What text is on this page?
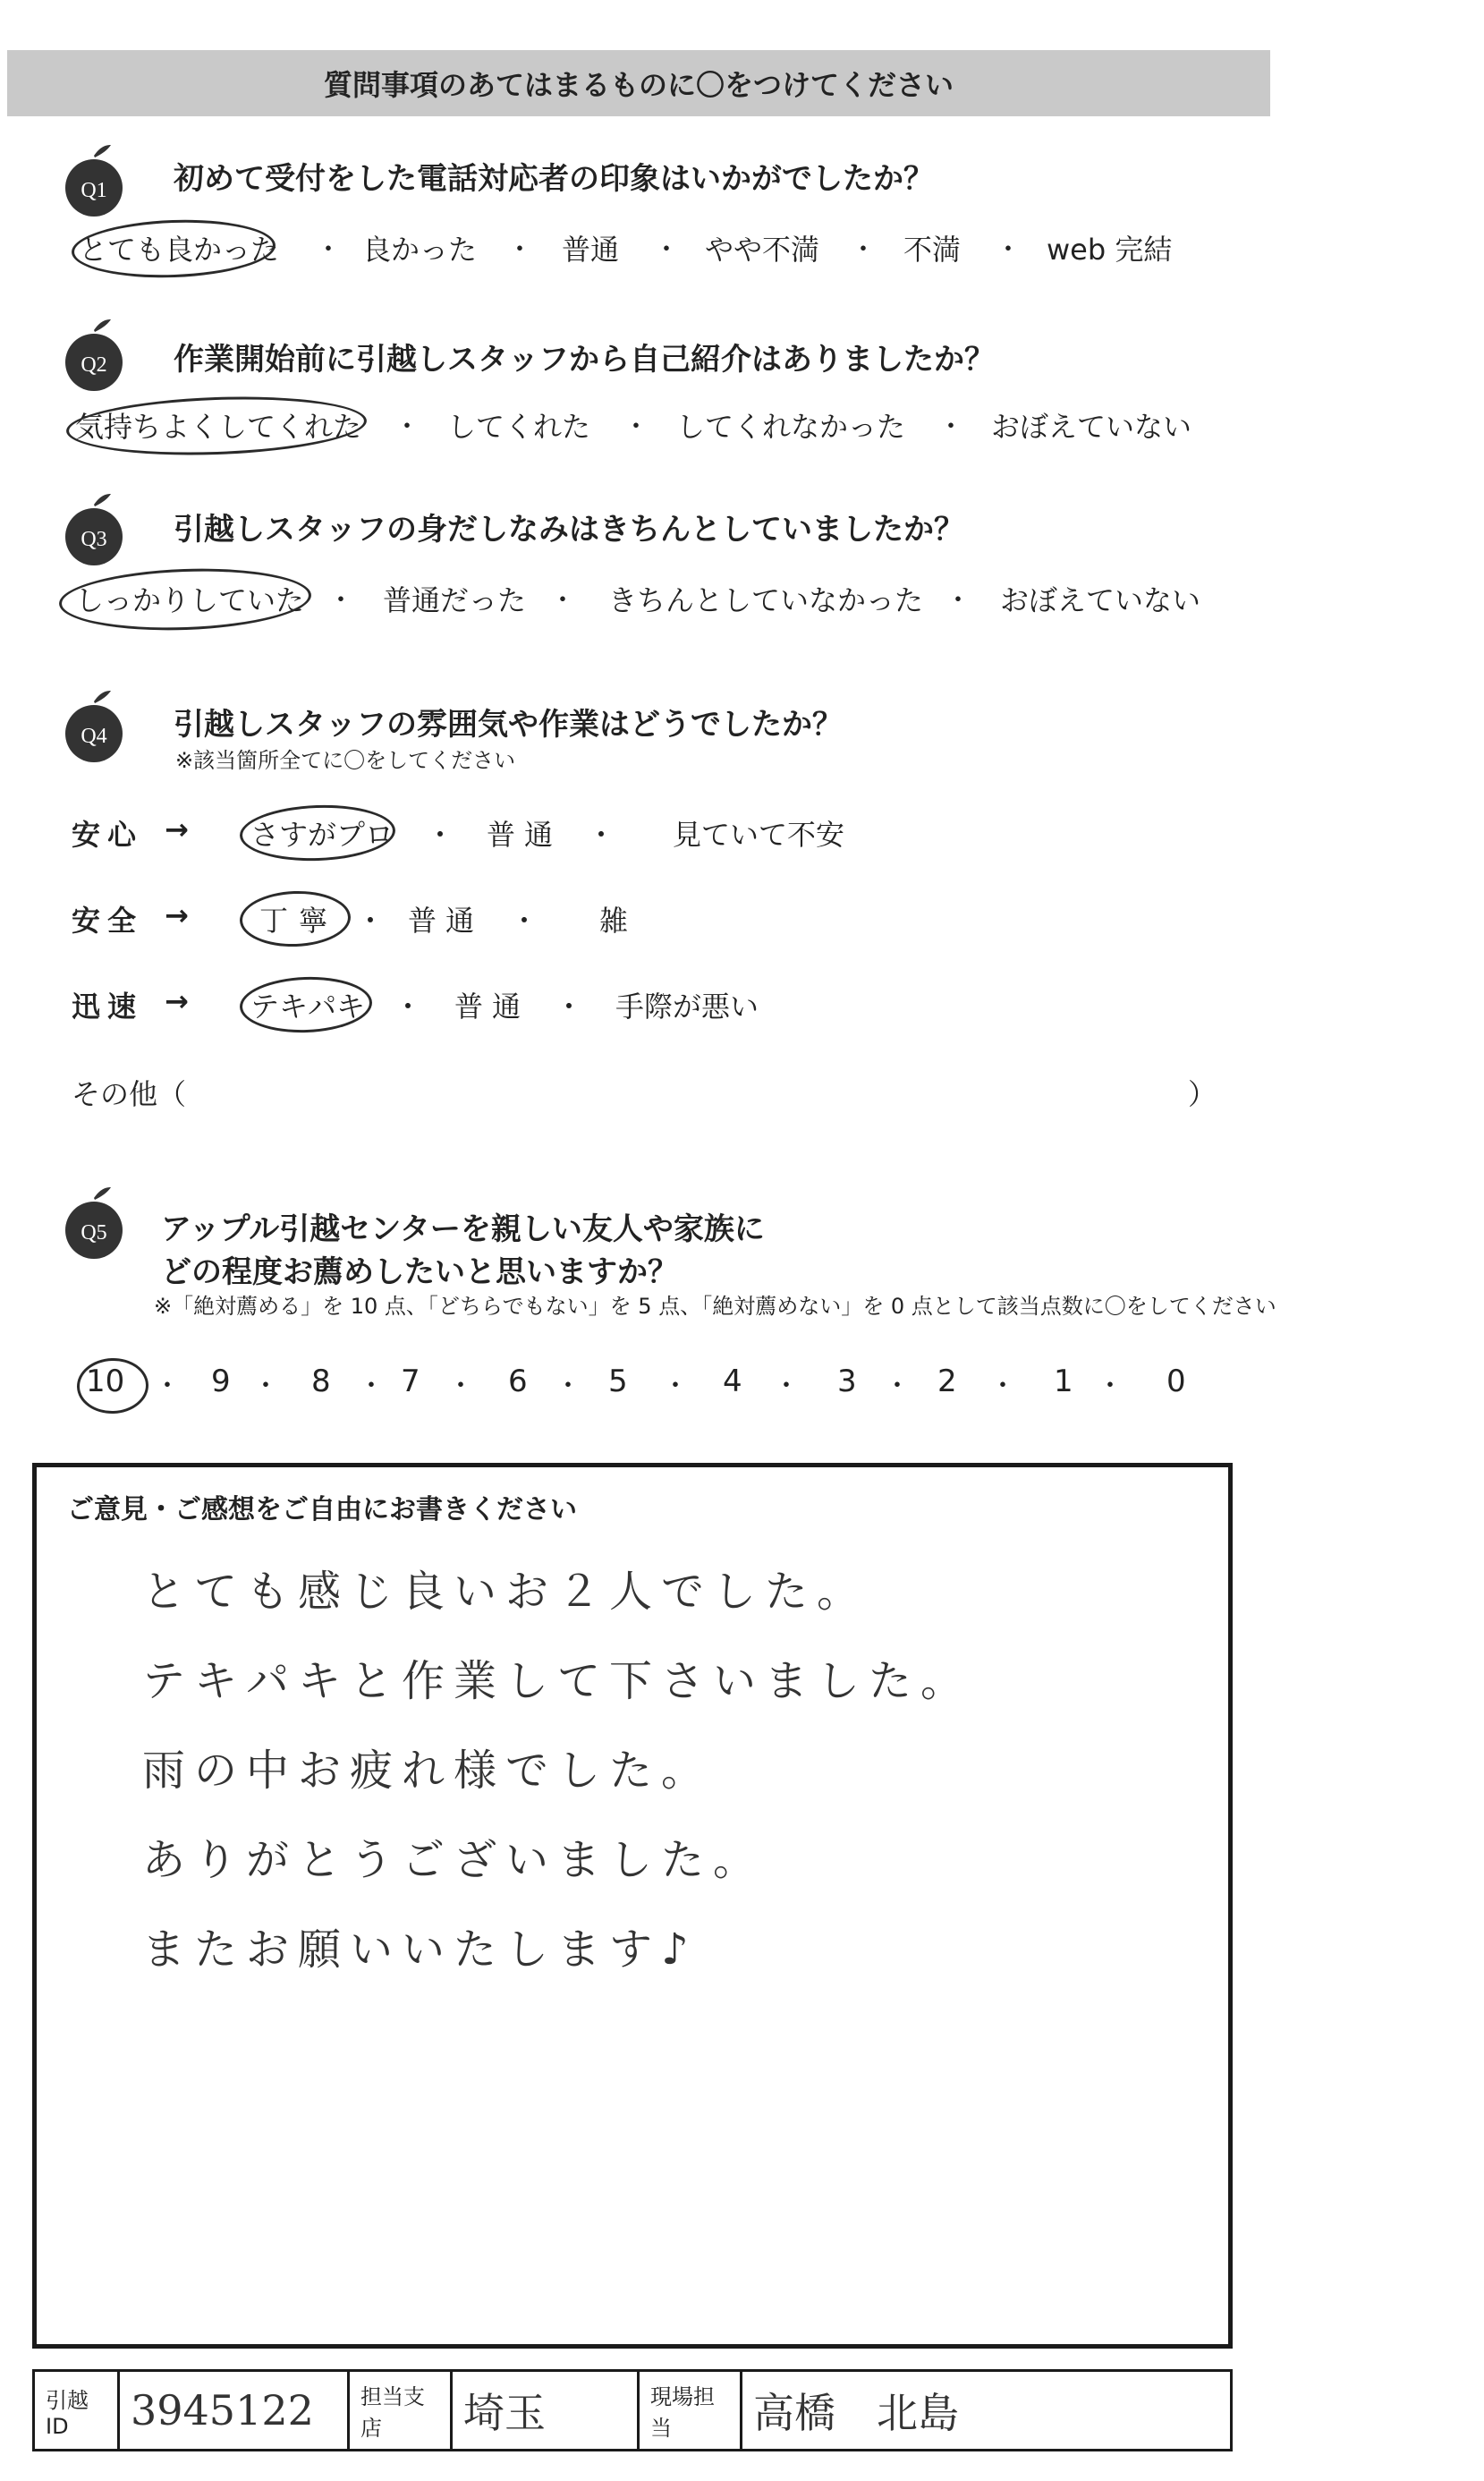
質問事項のあてはまるものに〇をつけてください
Q1 初めて受付をした電話対応者の印象はいかがでしたか？
とても良かった ・ 良かった ・ 普通 ・ やや不満 ・ 不満 ・ web 完結
Q2 作業開始前に引越しスタッフから自己紹介はありましたか？
気持ちよくしてくれた ・ してくれた ・ してくれなかった ・ おぼえていない
Q3 引越しスタッフの身だしなみはきちんとしていましたか？
しっかりしていた ・ 普通だった ・ きちんとしていなかった ・ おぼえていない
Q4 引越しスタッフの雰囲気や作業はどうでしたか？
※該当箇所全てに〇をしてください
安心 → さすがプロ ・ 普通 ・ 見ていて不安
安全 → 丁寧 ・ 普通 ・ 雑
迅速 → テキパキ ・ 普通 ・ 手際が悪い
その他（	）
Q5 アップル引越センターを親しい友人や家族に
どの程度お薦めしたいと思いますか？
※「絶対薦める」を 10 点、「どちらでもない」を 5 点、「絶対薦めない」を 0 点として該当点数に〇をしてください
10 ・ 9 ・ 8 ・ 7 ・ 6 ・ 5 ・ 4 ・ 3 ・ 2 ・ 1 ・ 0
ご意見・ご感想をご自由にお書きください
とても感じ良いお２人でした。
テキパキと作業して下さいました。
雨の中お疲れ様でした。
ありがとうございました。
またお願いいたします♪
引越 ID	3945122	担当支店	埼玉	現場担当	高橋　北島
